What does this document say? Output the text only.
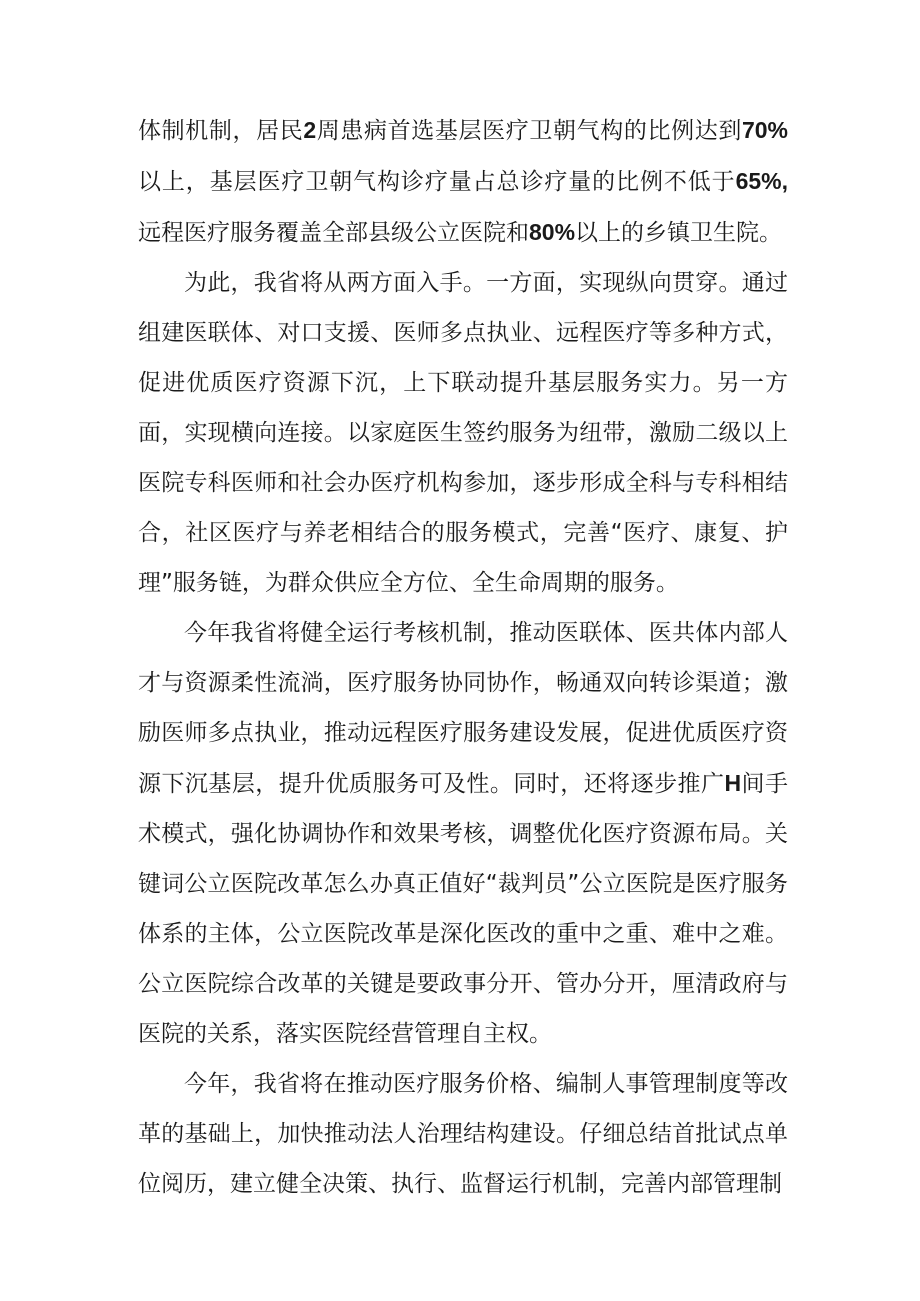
体制机制，居民2周患病首选基层医疗卫朝气构的比例达到70%以上，基层医疗卫朝气构诊疗量占总诊疗量的比例不低于65%,远程医疗服务覆盖全部县级公立医院和80%以上的乡镇卫生院。

为此，我省将从两方面入手。一方面，实现纵向贯穿。通过组建医联体、对口支援、医师多点执业、远程医疗等多种方式，促进优质医疗资源下沉，上下联动提升基层服务实力。另一方面，实现横向连接。以家庭医生签约服务为纽带，激励二级以上医院专科医师和社会办医疗机构参加，逐步形成全科与专科相结合，社区医疗与养老相结合的服务模式，完善“医疗、康复、护理”服务链，为群众供应全方位、全生命周期的服务。

今年我省将健全运行考核机制，推动医联体、医共体内部人才与资源柔性流淌，医疗服务协同协作，畅通双向转诊渠道；激励医师多点执业，推动远程医疗服务建设发展，促进优质医疗资源下沉基层，提升优质服务可及性。同时，还将逐步推广H间手术模式，强化协调协作和效果考核，调整优化医疗资源布局。关键词公立医院改革怎么办真正值好“裁判员”公立医院是医疗服务体系的主体，公立医院改革是深化医改的重中之重、难中之难。公立医院综合改革的关键是要政事分开、管办分开，厘清政府与医院的关系，落实医院经营管理自主权。

今年，我省将在推动医疗服务价格、编制人事管理制度等改革的基础上，加快推动法人治理结构建设。仔细总结首批试点单位阅历，建立健全决策、执行、监督运行机制，完善内部管理制
